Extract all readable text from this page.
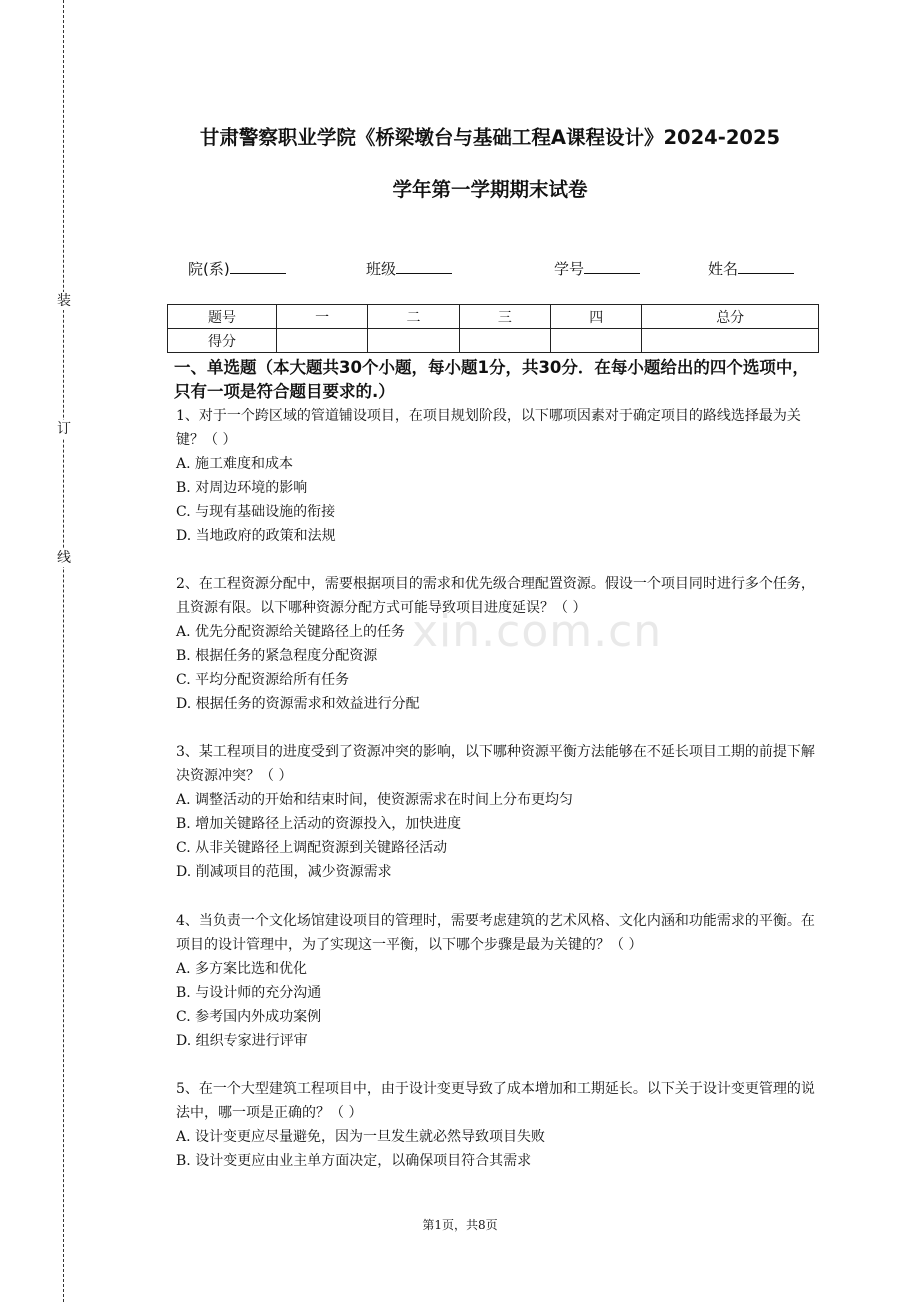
装
订
线
xin.com.cn
甘肃警察职业学院《桥梁墩台与基础工程A课程设计》2024-2025
学年第一学期期末试卷
院(系)	班级	学号	姓名
题号	一	二	三	四	总分
得分					
一、单选题（本大题共30个小题，每小题1分，共30分．在每小题给出的四个选项中，只有一项是符合题目要求的.）

1、对于一个跨区域的管道铺设项目，在项目规划阶段，以下哪项因素对于确定项目的路线选择最为关键？（ ）

A. 施工难度和成本

B. 对周边环境的影响

C. 与现有基础设施的衔接

D. 当地政府的政策和法规

2、在工程资源分配中，需要根据项目的需求和优先级合理配置资源。假设一个项目同时进行多个任务，且资源有限。以下哪种资源分配方式可能导致项目进度延误？（ ）

A. 优先分配资源给关键路径上的任务

B. 根据任务的紧急程度分配资源

C. 平均分配资源给所有任务

D. 根据任务的资源需求和效益进行分配

3、某工程项目的进度受到了资源冲突的影响，以下哪种资源平衡方法能够在不延长项目工期的前提下解决资源冲突？（ ）

A. 调整活动的开始和结束时间，使资源需求在时间上分布更均匀

B. 增加关键路径上活动的资源投入，加快进度

C. 从非关键路径上调配资源到关键路径活动

D. 削减项目的范围，减少资源需求

4、当负责一个文化场馆建设项目的管理时，需要考虑建筑的艺术风格、文化内涵和功能需求的平衡。在项目的设计管理中，为了实现这一平衡，以下哪个步骤是最为关键的？（ ）

A. 多方案比选和优化

B. 与设计师的充分沟通

C. 参考国内外成功案例

D. 组织专家进行评审

5、在一个大型建筑工程项目中，由于设计变更导致了成本增加和工期延长。以下关于设计变更管理的说法中，哪一项是正确的？（ ）

A. 设计变更应尽量避免，因为一旦发生就必然导致项目失败

B. 设计变更应由业主单方面决定，以确保项目符合其需求

第1页，共8页
